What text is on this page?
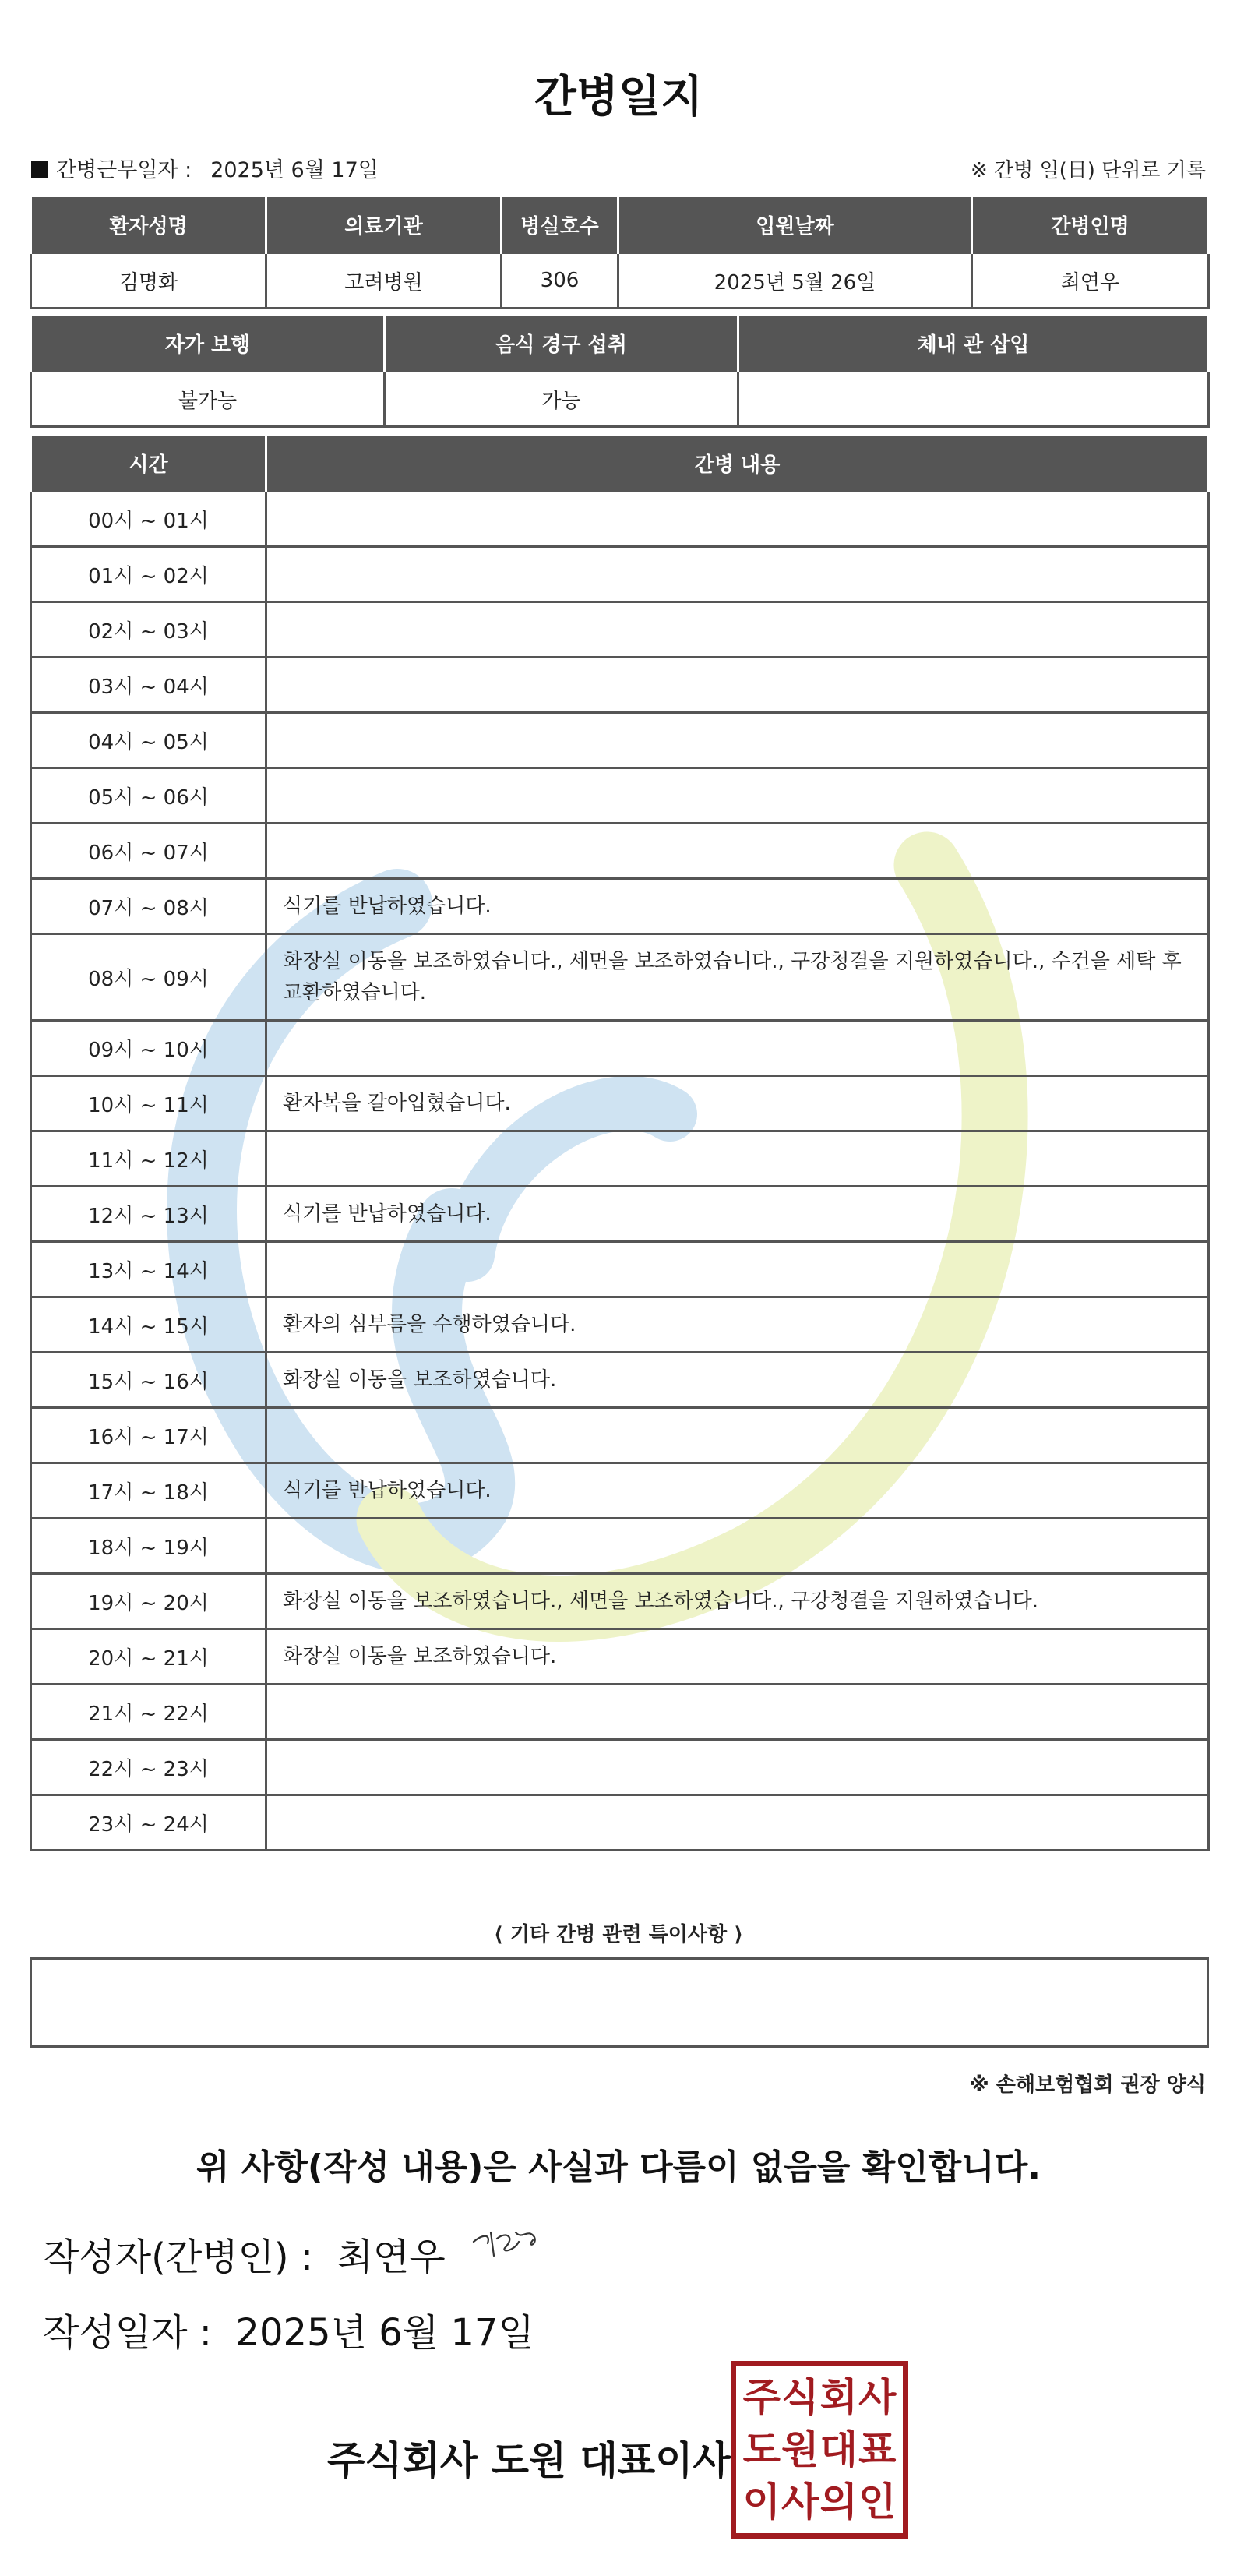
간병일지
간병근무일자 : 2025년 6월 17일	※ 간병 일(日) 단위로 기록
환자성명	의료기관	병실호수	입원날짜	간병인명
김명화	고려병원	306	2025년 5월 26일	최연우
자가 보행	음식 경구 섭취	체내 관 삽입
불가능	가능	
시간	간병 내용
00시 ~ 01시	
01시 ~ 02시	
02시 ~ 03시	
03시 ~ 04시	
04시 ~ 05시	
05시 ~ 06시	
06시 ~ 07시	
07시 ~ 08시	식기를 반납하였습니다.
08시 ~ 09시	화장실 이동을 보조하였습니다., 세면을 보조하였습니다., 구강청결을 지원하였습니다., 수건을 세탁 후 교환하였습니다.
09시 ~ 10시	
10시 ~ 11시	환자복을 갈아입혔습니다.
11시 ~ 12시	
12시 ~ 13시	식기를 반납하였습니다.
13시 ~ 14시	
14시 ~ 15시	환자의 심부름을 수행하였습니다.
15시 ~ 16시	화장실 이동을 보조하였습니다.
16시 ~ 17시	
17시 ~ 18시	식기를 반납하였습니다.
18시 ~ 19시	
19시 ~ 20시	화장실 이동을 보조하였습니다., 세면을 보조하였습니다., 구강청결을 지원하였습니다.
20시 ~ 21시	화장실 이동을 보조하였습니다.
21시 ~ 22시	
22시 ~ 23시	
23시 ~ 24시	
⟨ 기타 간병 관련 특이사항 ⟩
※ 손해보험협회 권장 양식
위 사항(작성 내용)은 사실과 다름이 없음을 확인합니다.
작성자(간병인) : 최연우
작성일자 : 2025년 6월 17일
주식회사 도원 대표이사
주 식 회 사
도 원 대 표
이 사 의 인
